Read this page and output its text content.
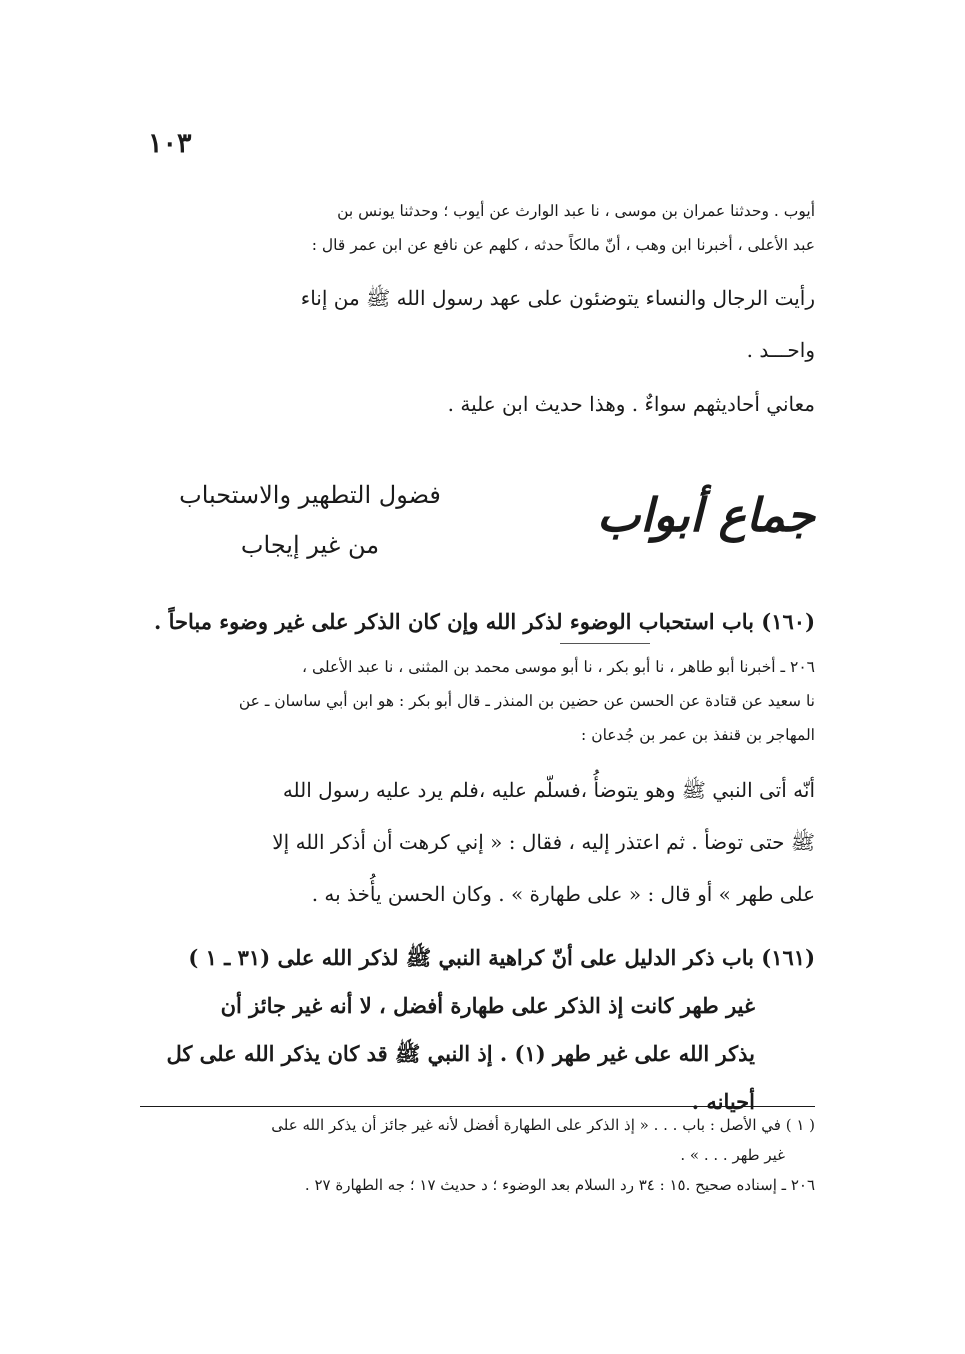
١٠٣
أيوب . وحدثنا عمران بن موسى ، نا عبد الوارث عن أيوب ؛ وحدثنا يونس بن
عبد الأعلى ، أخبرنا ابن وهب ، أنّ مالكاً حدثه ، كلهم عن نافع عن ابن عمر قال :
رأيت الرجال والنساء يتوضئون على عهد رسول الله ﷺ من إناء
واحـــد .
معاني أحاديثهم سواءٌ . وهذا حديث ابن علية .
جماع أبواب
فضول التطهير والاستحباب
من غير إيجاب
(١٦٠) باب استحباب الوضوء لذكر الله وإن كان الذكر على غير وضوء مباحاً .
٢٠٦ ـ أخبرنا أبو طاهر ، نا أبو بكر ، نا أبو موسى محمد بن المثنى ، نا عبد الأعلى ،
نا سعيد عن قتادة عن الحسن عن حضين بن المنذر ـ قال أبو بكر : هو ابن أبي ساسان ـ عن
المهاجر بن قنفذ بن عمر بن جُدعان :
أنّه أتى النبي ﷺ وهو يتوضأُ ،فسلّم عليه ،فلم يرد عليه رسول الله
ﷺ حتى توضأ . ثم اعتذر إليه ، فقال : « إني كرهت أن أذكر الله إلا
على طهر » أو قال : « على طهارة » . وكان الحسن يأُخذ به .
(١٦١) باب ذكر الدليل على أنّ كراهية النبي ﷺ لذكر الله على (٣١ ـ ١ )
غير طهر كانت إذ الذكر على طهارة أفضل ، لا أنه غير جائز أن
يذكر الله على غير طهر (١) . إذ النبي ﷺ قد كان يذكر الله على كل
أحيانه .
( ١ ) في الأصل : باب . . . « إذ الذكر على الطهارة أفضل لأنه غير جائز أن يذكر الله على
غير طهر . . . » .
٢٠٦ ـ إسناده صحيح .١٥ : ٣٤ رد السلام بعد الوضوء ؛ د حديث ١٧ ؛ جه الطهارة ٢٧ .
